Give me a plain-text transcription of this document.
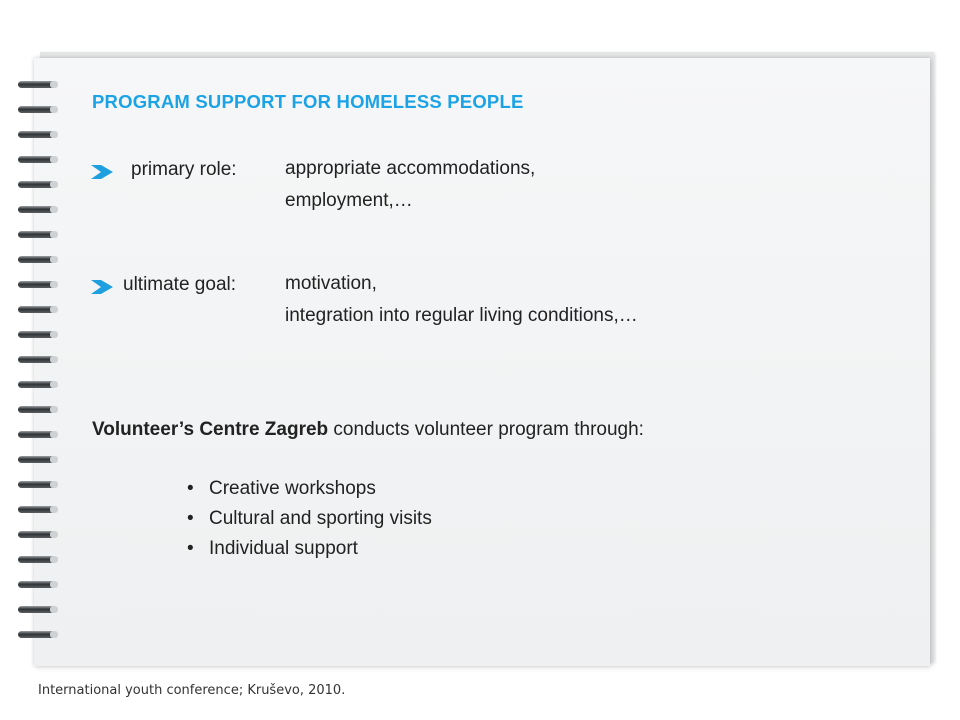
PROGRAM SUPPORT FOR HOMELESS PEOPLE
primary role:	appropriate accommodations,
employment,…
ultimate goal:	motivation,
integration into regular living conditions,…
Volunteer’s Centre Zagreb conducts volunteer program through:
• Creative workshops
• Cultural and sporting visits
• Individual support
International youth conference; Kruševo, 2010.
